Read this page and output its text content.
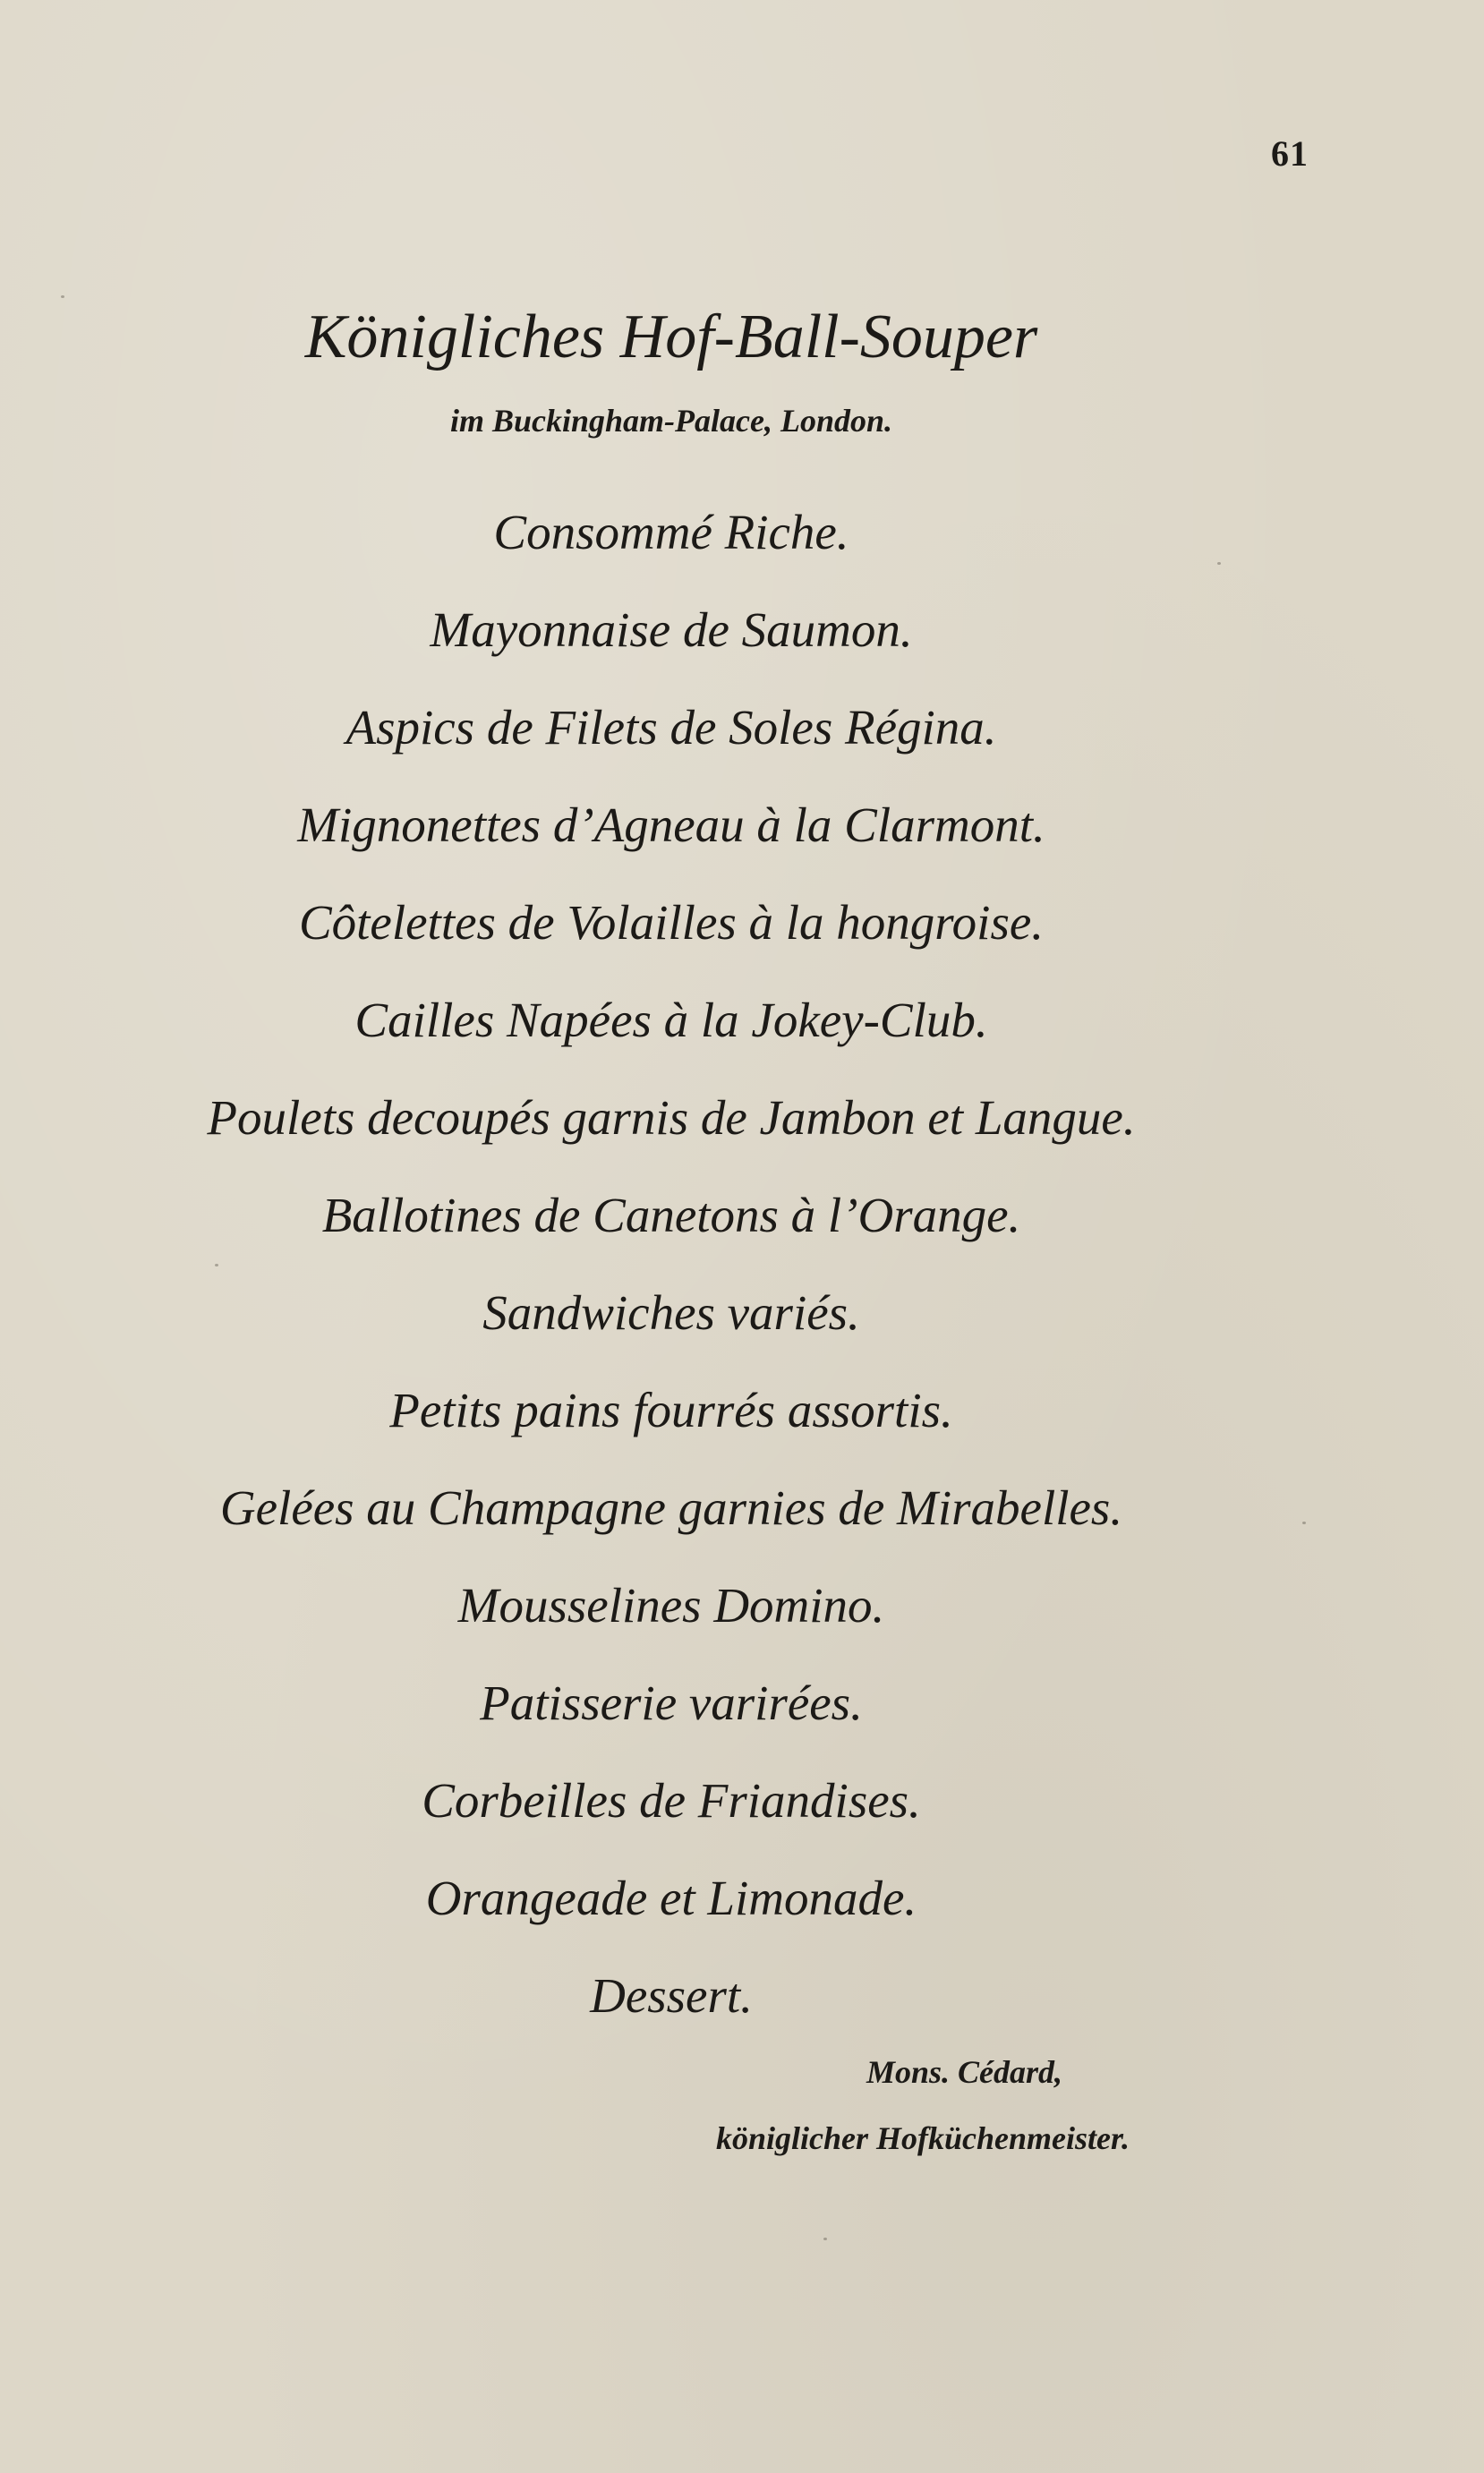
61
Königliches Hof-Ball-Souper
im Buckingham-Palace, London.
Consommé Riche.
Mayonnaise de Saumon.
Aspics de Filets de Soles Régina.
Mignonettes d’Agneau à la Clarmont.
Côtelettes de Volailles à la hongroise.
Cailles Napées à la Jokey-Club.
Poulets decoupés garnis de Jambon et Langue.
Ballotines de Canetons à l’Orange.
Sandwiches variés.
Petits pains fourrés assortis.
Gelées au Champagne garnies de Mirabelles.
Mousselines Domino.
Patisserie varirées.
Corbeilles de Friandises.
Orangeade et Limonade.
Dessert.
Mons. Cédard,
königlicher Hofküchenmeister.
